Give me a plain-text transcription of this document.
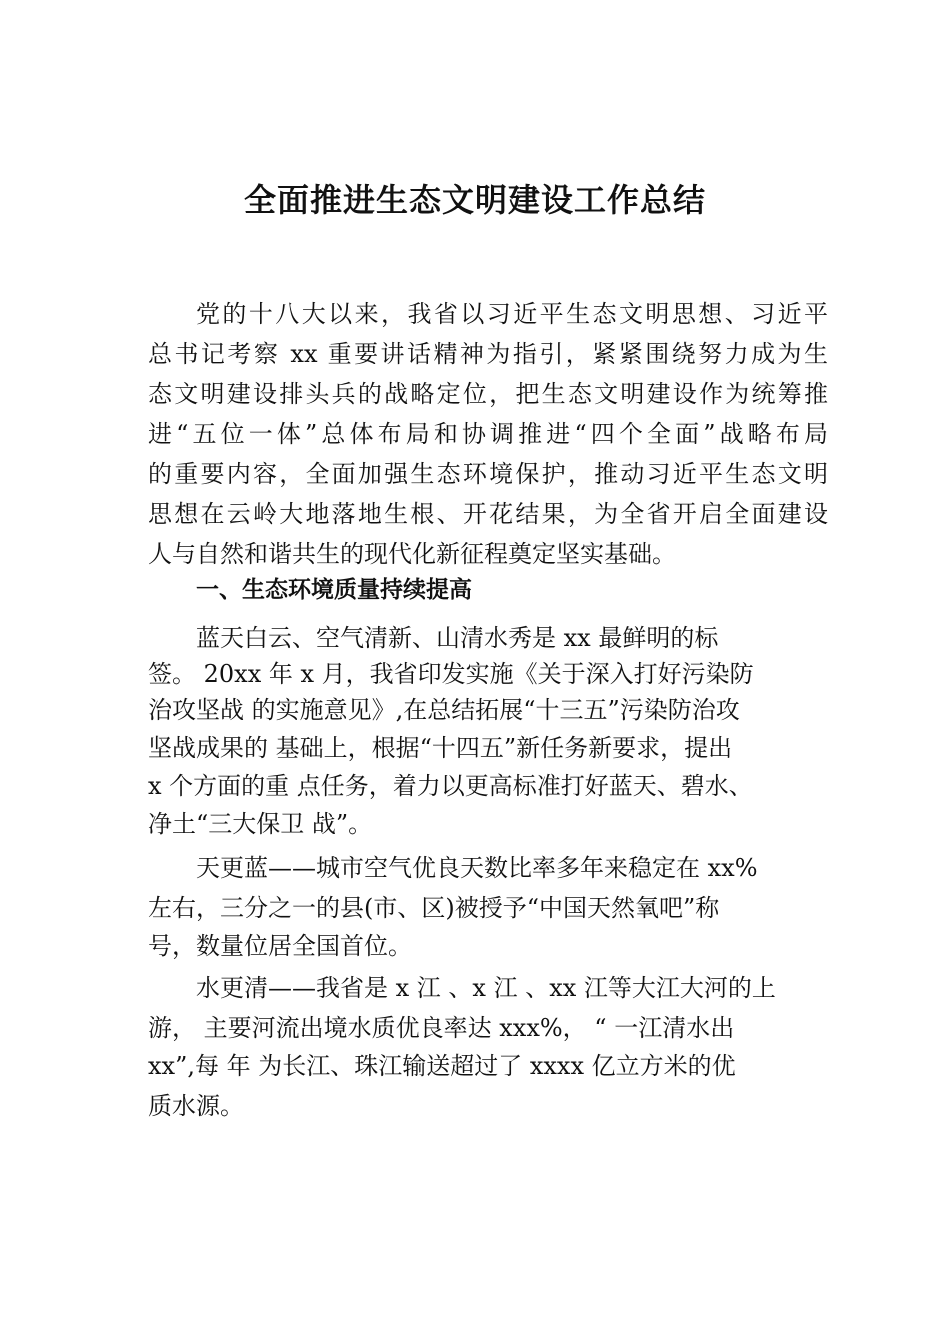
全面推进生态文明建设工作总结
党的十八大以来，我省以习近平生态文明思想、习近平
总书记考察 xx 重要讲话精神为指引，紧紧围绕努力成为生
态文明建设排头兵的战略定位，把生态文明建设作为统筹推
进“五位一体”总体布局和协调推进“四个全面”战略布局
的重要内容，全面加强生态环境保护，推动习近平生态文明
思想在云岭大地落地生根、开花结果，为全省开启全面建设
人与自然和谐共生的现代化新征程奠定坚实基础。
一、生态环境质量持续提高
蓝天白云、空气清新、山清水秀是 xx 最鲜明的标
签。 20xx 年 x 月，我省印发实施《关于深入打好污染防
治攻坚战 的实施意见》,在总结拓展“十三五”污染防治攻
坚战成果的 基础上，根据“十四五”新任务新要求，提出
x 个方面的重 点任务，着力以更高标准打好蓝天、碧水、
净土“三大保卫 战”。
天更蓝——城市空气优良天数比率多年来稳定在 xx%
左右，三分之一的县(市、区)被授予“中国天然氧吧”称
号，数量位居全国首位。
水更清——我省是 x 江 、x 江 、xx 江等大江大河的上
游， 主要河流出境水质优良率达 xxx%， “ 一江清水出
xx”,每 年 为长江、珠江输送超过了 xxxx 亿立方米的优
质水源。
